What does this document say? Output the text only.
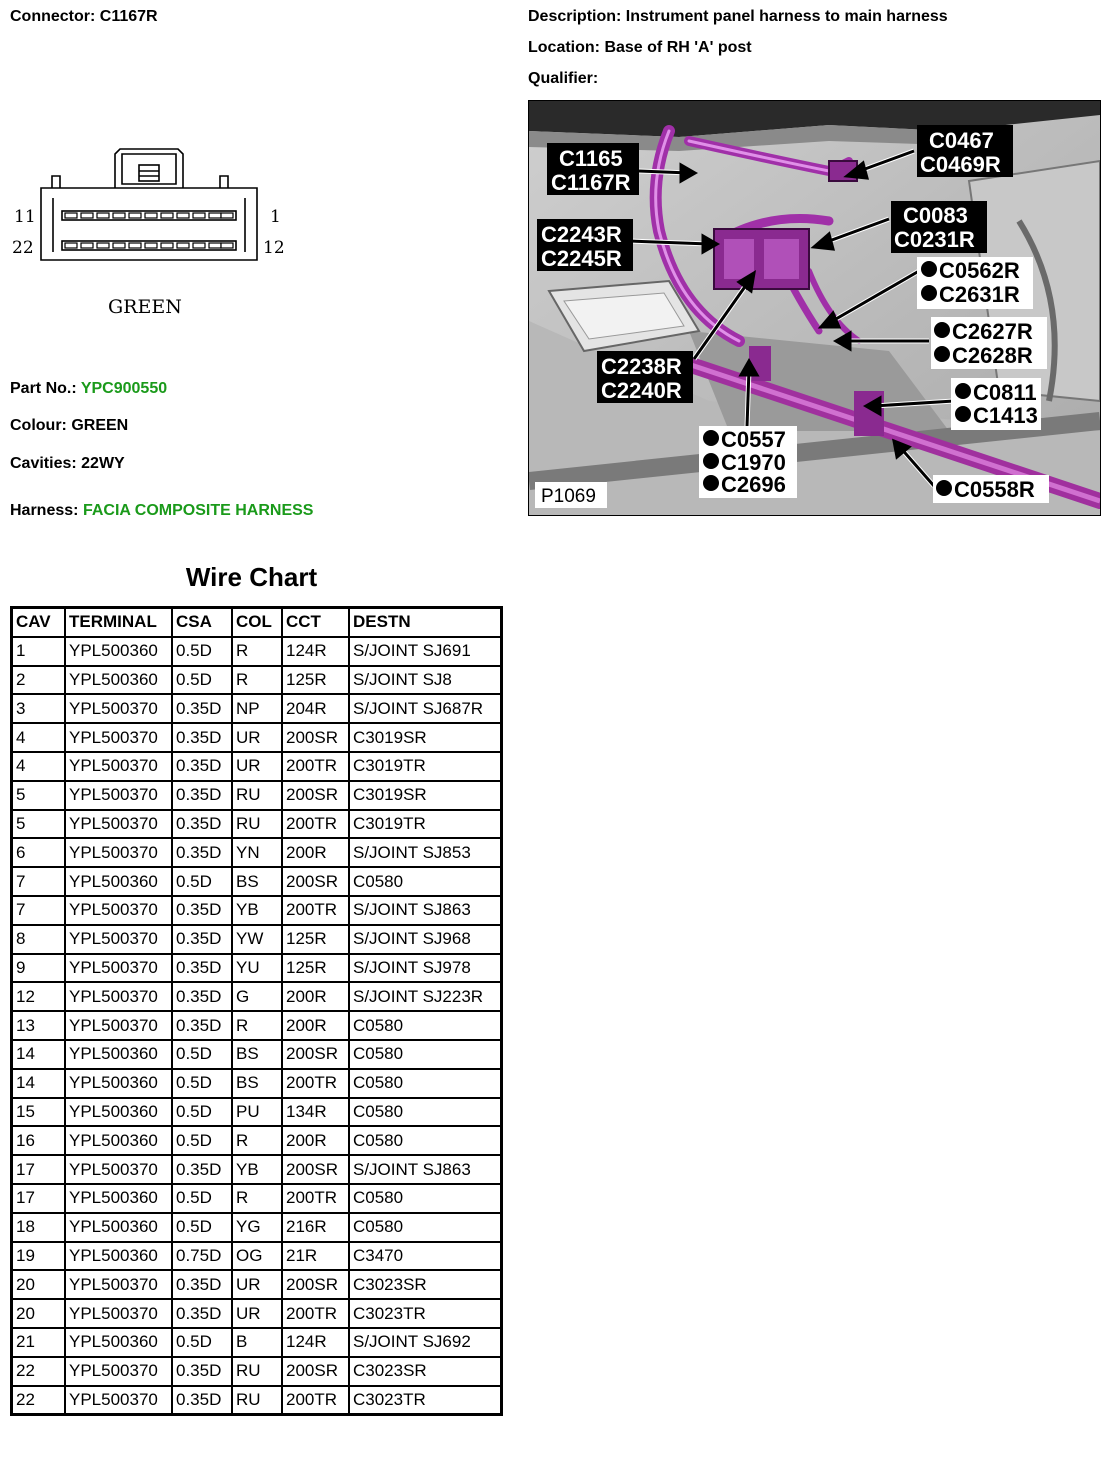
Connector: C1167R	Description: Instrument panel harness to main harness
Location: Base of RH 'A' post
Qualifier:
11
22
1
12
GREEN
Part No.: YPC900550
Colour: GREEN
Cavities: 22WY
Harness: FACIA COMPOSITE HARNESS
C1165
C1167R
C0467
C0469R
C2243R
C2245R
C0083
C0231R
C0562R
C2631R
C2627R
C2628R
C2238R
C2240R	C0811
C1413
C0557
C1970
C2696	C0558R
P1069
Wire Chart
CAV	TERMINAL	CSA	COL	CCT	DESTN
1	YPL500360	0.5D	R	124R	S/JOINT SJ691
2	YPL500360	0.5D	R	125R	S/JOINT SJ8
3	YPL500370	0.35D	NP	204R	S/JOINT SJ687R
4	YPL500370	0.35D	UR	200SR	C3019SR
4	YPL500370	0.35D	UR	200TR	C3019TR
5	YPL500370	0.35D	RU	200SR	C3019SR
5	YPL500370	0.35D	RU	200TR	C3019TR
6	YPL500370	0.35D	YN	200R	S/JOINT SJ853
7	YPL500360	0.5D	BS	200SR	C0580
7	YPL500370	0.35D	YB	200TR	S/JOINT SJ863
8	YPL500370	0.35D	YW	125R	S/JOINT SJ968
9	YPL500370	0.35D	YU	125R	S/JOINT SJ978
12	YPL500370	0.35D	G	200R	S/JOINT SJ223R
13	YPL500370	0.35D	R	200R	C0580
14	YPL500360	0.5D	BS	200SR	C0580
14	YPL500360	0.5D	BS	200TR	C0580
15	YPL500360	0.5D	PU	134R	C0580
16	YPL500360	0.5D	R	200R	C0580
17	YPL500370	0.35D	YB	200SR	S/JOINT SJ863
17	YPL500360	0.5D	R	200TR	C0580
18	YPL500360	0.5D	YG	216R	C0580
19	YPL500360	0.75D	OG	21R	C3470
20	YPL500370	0.35D	UR	200SR	C3023SR
20	YPL500370	0.35D	UR	200TR	C3023TR
21	YPL500360	0.5D	B	124R	S/JOINT SJ692
22	YPL500370	0.35D	RU	200SR	C3023SR
22	YPL500370	0.35D	RU	200TR	C3023TR
